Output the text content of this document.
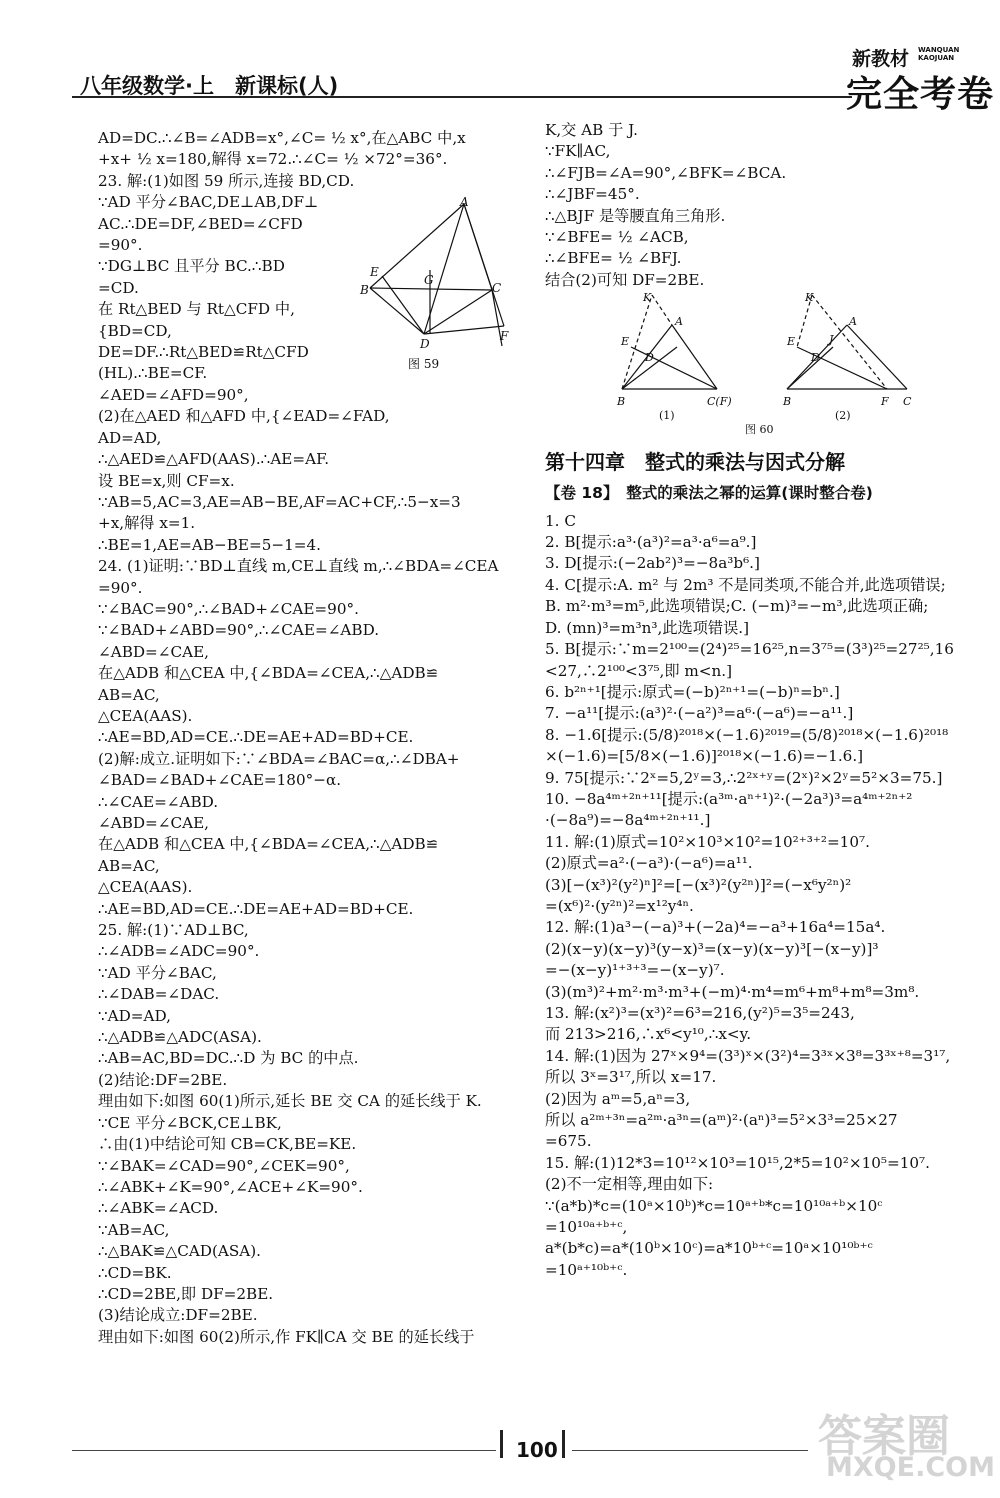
新教材 WANQUAN
KAOJUAN
完全考卷
八年级数学·上　新课标(人)
A
E
G
C
B
F
D
图 59
AD=DC.∴∠B=∠ADB=x°,∠C= ½ x°,在△ABC 中,x
+x+ ½ x=180,解得 x=72.∴∠C= ½ ×72°=36°.
23. 解:(1)如图 59 所示,连接 BD,CD.
∵AD 平分∠BAC,DE⊥AB,DF⊥
AC.∴DE=DF,∠BED=∠CFD
=90°.
∵DG⊥BC 且平分 BC.∴BD
=CD.
在 Rt△BED 与 Rt△CFD 中,
{BD=CD,
DE=DF.∴Rt△BED≌Rt△CFD
(HL).∴BE=CF.
∠AED=∠AFD=90°,
(2)在△AED 和△AFD 中,{∠EAD=∠FAD,
AD=AD,
∴△AED≌△AFD(AAS).∴AE=AF.
设 BE=x,则 CF=x.
∵AB=5,AC=3,AE=AB−BE,AF=AC+CF,∴5−x=3
+x,解得 x=1.
∴BE=1,AE=AB−BE=5−1=4.
24. (1)证明:∵BD⊥直线 m,CE⊥直线 m,∴∠BDA=∠CEA
=90°.
∵∠BAC=90°,∴∠BAD+∠CAE=90°.
∵∠BAD+∠ABD=90°,∴∠CAE=∠ABD.
∠ABD=∠CAE,
在△ADB 和△CEA 中,{∠BDA=∠CEA,∴△ADB≌
AB=AC,
△CEA(AAS).
∴AE=BD,AD=CE.∴DE=AE+AD=BD+CE.
(2)解:成立.证明如下:∵∠BDA=∠BAC=α,∴∠DBA+
∠BAD=∠BAD+∠CAE=180°−α.
∴∠CAE=∠ABD.
∠ABD=∠CAE,
在△ADB 和△CEA 中,{∠BDA=∠CEA,∴△ADB≌
AB=AC,
△CEA(AAS).
∴AE=BD,AD=CE.∴DE=AE+AD=BD+CE.
25. 解:(1)∵AD⊥BC,
∴∠ADB=∠ADC=90°.
∵AD 平分∠BAC,
∴∠DAB=∠DAC.
∵AD=AD,
∴△ADB≌△ADC(ASA).
∴AB=AC,BD=DC.∴D 为 BC 的中点.
(2)结论:DF=2BE.
理由如下:如图 60(1)所示,延长 BE 交 CA 的延长线于 K.
∵CE 平分∠BCK,CE⊥BK,
∴由(1)中结论可知 CB=CK,BE=KE.
∵∠BAK=∠CAD=90°,∠CEK=90°,
∴∠ABK+∠K=90°,∠ACE+∠K=90°.
∴∠ABK=∠ACD.
∵AB=AC,
∴△BAK≌△CAD(ASA).
∴CD=BK.
∴CD=2BE,即 DF=2BE.
(3)结论成立:DF=2BE.
理由如下:如图 60(2)所示,作 FK∥CA 交 BE 的延长线于
K,交 AB 于 J.
∵FK∥AC,
∴∠FJB=∠A=90°,∠BFK=∠BCA.
∴∠JBF=45°.
∴△BJF 是等腰直角三角形.
∵∠BFE= ½ ∠ACB,
∴∠BFE= ½ ∠BFJ.
结合(2)可知 DF=2BE.
K
A
E
D
B	C(F)
K
A
E	J
D
B	F C
(1)	(2)
图 60
第十四章　整式的乘法与因式分解
【卷 18】　整式的乘法之幂的运算(课时整合卷)
1. C
2. B[提示:a³·(a³)²=a³·a⁶=a⁹.]
3. D[提示:(−2ab²)³=−8a³b⁶.]
4. C[提示:A. m² 与 2m³ 不是同类项,不能合并,此选项错误;
B. m²·m³=m⁵,此选项错误;C. (−m)³=−m³,此选项正确;
D. (mn)³=m³n³,此选项错误.]
5. B[提示:∵m=2¹⁰⁰=(2⁴)²⁵=16²⁵,n=3⁷⁵=(3³)²⁵=27²⁵,16
<27,∴2¹⁰⁰<3⁷⁵,即 m<n.]
6. b²ⁿ⁺¹[提示:原式=(−b)²ⁿ⁺¹=(−b)ⁿ=bⁿ.]
7. −a¹¹[提示:(a³)²·(−a²)³=a⁶·(−a⁶)=−a¹¹.]
8. −1.6[提示:(5/8)²⁰¹⁸×(−1.6)²⁰¹⁹=(5/8)²⁰¹⁸×(−1.6)²⁰¹⁸
×(−1.6)=[5/8×(−1.6)]²⁰¹⁸×(−1.6)=−1.6.]
9. 75[提示:∵2ˣ=5,2ʸ=3,∴2²ˣ⁺ʸ=(2ˣ)²×2ʸ=5²×3=75.]
10. −8a⁴ᵐ⁺²ⁿ⁺¹¹[提示:(a³ᵐ·aⁿ⁺¹)²·(−2a³)³=a⁴ᵐ⁺²ⁿ⁺²
·(−8a⁹)=−8a⁴ᵐ⁺²ⁿ⁺¹¹.]
11. 解:(1)原式=10²×10³×10²=10²⁺³⁺²=10⁷.
(2)原式=a²·(−a³)·(−a⁶)=a¹¹.
(3)[−(x³)²(y²)ⁿ]²=[−(x³)²(y²ⁿ)]²=(−x⁶y²ⁿ)²
=(x⁶)²·(y²ⁿ)²=x¹²y⁴ⁿ.
12. 解:(1)a³−(−a)³+(−2a)⁴=−a³+16a⁴=15a⁴.
(2)(x−y)(x−y)³(y−x)³=(x−y)(x−y)³[−(x−y)]³
=−(x−y)¹⁺³⁺³=−(x−y)⁷.
(3)(m³)²+m²·m³·m³+(−m)⁴·m⁴=m⁶+m⁸+m⁸=3m⁸.
13. 解:(x²)³=(x³)²=6³=216,(y²)⁵=3⁵=243,
而 213>216,∴x⁶<y¹⁰,∴x<y.
14. 解:(1)因为 27ˣ×9⁴=(3³)ˣ×(3²)⁴=3³ˣ×3⁸=3³ˣ⁺⁸=3¹⁷,
所以 3ˣ=3¹⁷,所以 x=17.
(2)因为 aᵐ=5,aⁿ=3,
所以 a²ᵐ⁺³ⁿ=a²ᵐ·a³ⁿ=(aᵐ)²·(aⁿ)³=5²×3³=25×27
=675.
15. 解:(1)12*3=10¹²×10³=10¹⁵,2*5=10²×10⁵=10⁷.
(2)不一定相等,理由如下:
∵(a*b)*c=(10ᵃ×10ᵇ)*c=10ᵃ⁺ᵇ*c=10¹⁰ᵃ⁺ᵇ×10ᶜ
=10¹⁰ᵃ⁺ᵇ⁺ᶜ,
a*(b*c)=a*(10ᵇ×10ᶜ)=a*10ᵇ⁺ᶜ=10ᵃ×10¹⁰ᵇ⁺ᶜ
=10ᵃ⁺¹⁰ᵇ⁺ᶜ.
100	答案圈
MXQE.COM
